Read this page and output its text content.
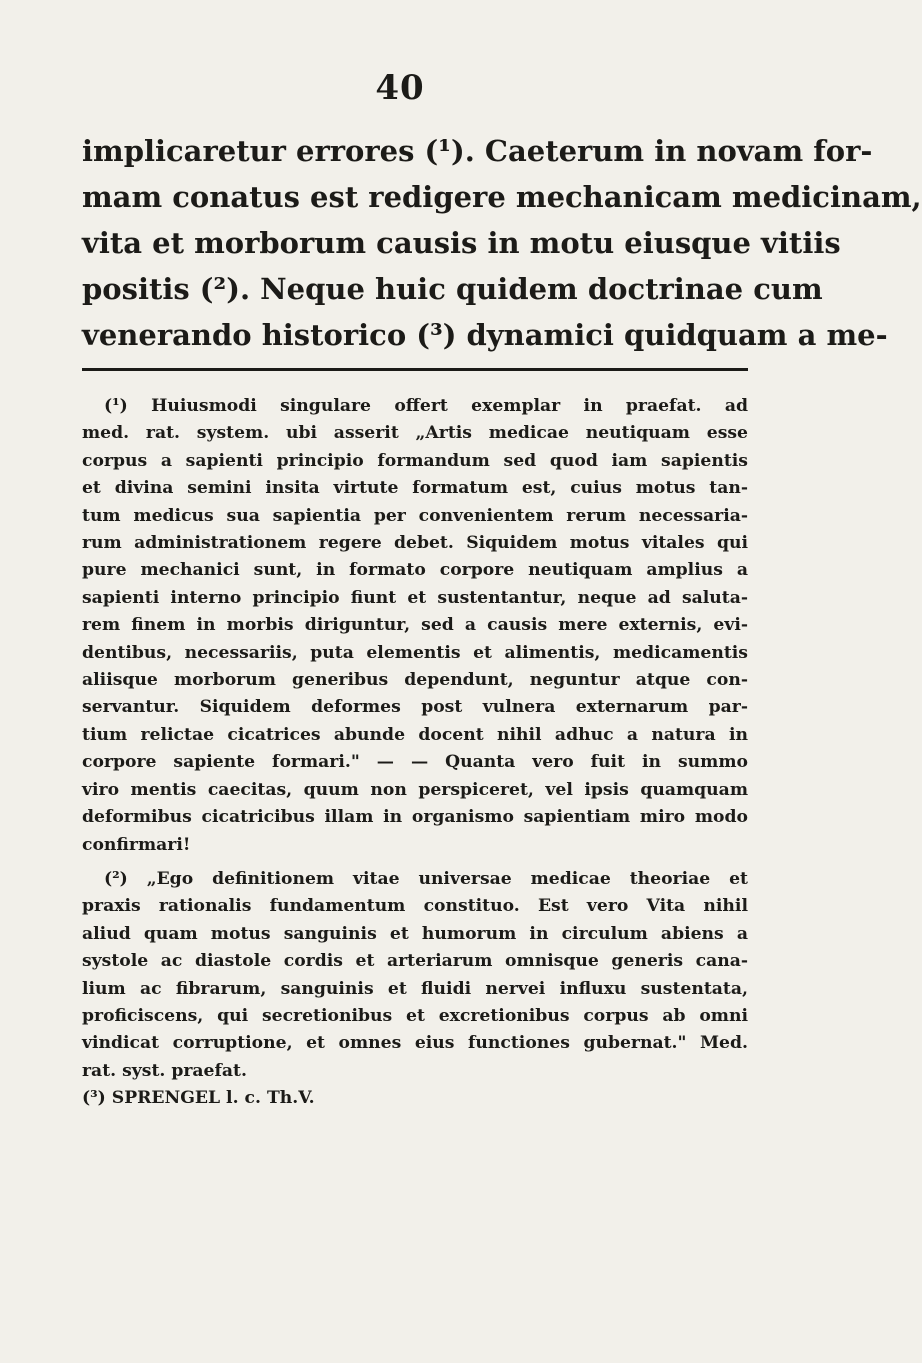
40
implicaretur errores (¹). Caeterum in novam for-
mam conatus est redigere mechanicam medicinam,
vita et morborum causis in motu eiusque vitiis
positis (²). Neque huic quidem doctrinae cum
venerando historico (³) dynamici quidquam a me-
(¹) Huiusmodi singulare offert exemplar in praefat. ad
med. rat. system. ubi asserit „Artis medicae neutiquam esse
corpus a sapienti principio formandum sed quod iam sapientis
et divina semini insita virtute formatum est, cuius motus tan-
tum medicus sua sapientia per convenientem rerum necessaria-
rum administrationem regere debet. Siquidem motus vitales qui
pure mechanici sunt, in formato corpore neutiquam amplius a
sapienti interno principio fiunt et sustentantur, neque ad saluta-
rem finem in morbis diriguntur, sed a causis mere externis, evi-
dentibus, necessariis, puta elementis et alimentis, medicamentis
aliisque morborum generibus dependunt, neguntur atque con-
servantur. Siquidem deformes post vulnera externarum par-
tium relictae cicatrices abunde docent nihil adhuc a natura in
corpore sapiente formari." — — Quanta vero fuit in summo
viro mentis caecitas, quum non perspiceret, vel ipsis quamquam
deformibus cicatricibus illam in organismo sapientiam miro modo
confirmari!
(²) „Ego definitionem vitae universae medicae theoriae et
praxis rationalis fundamentum constituo. Est vero Vita nihil
aliud quam motus sanguinis et humorum in circulum abiens a
systole ac diastole cordis et arteriarum omnisque generis cana-
lium ac fibrarum, sanguinis et fluidi nervei influxu sustentata,
proficiscens, qui secretionibus et excretionibus corpus ab omni
vindicat corruptione, et omnes eius functiones gubernat." Med.
rat. syst. praefat.
(³) SPRENGEL l. c. Th.V.
